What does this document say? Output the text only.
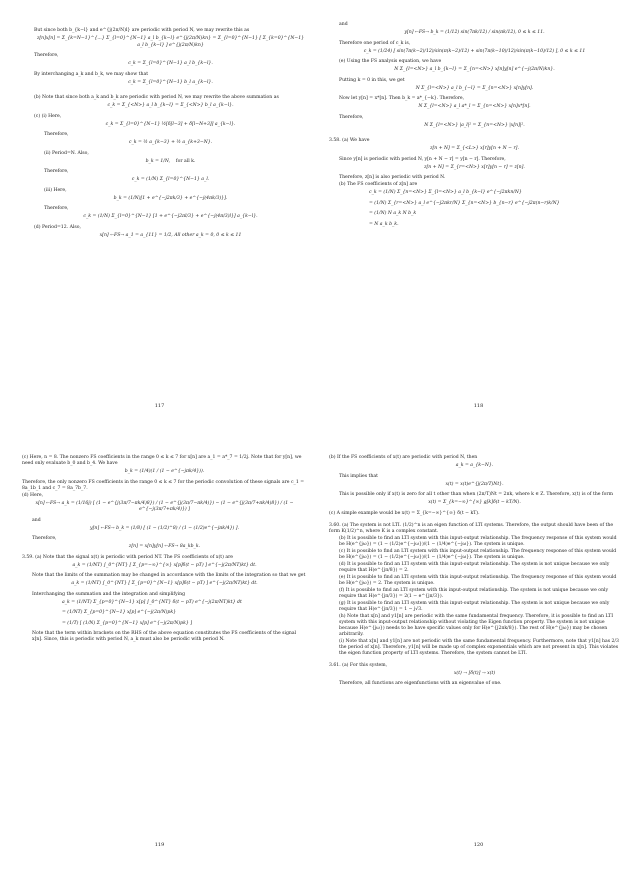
But since both b_{k−l} and e^{j(2π/N)l} are periodic with period N, we may rewrite this as

z[n]x[n] = Σ_{k=N−1}^{...} Σ_{l=0}^{N−1} a_l b_{k−l} e^{j(2π/N)kn} = Σ_{l=0}^{N−1} [ Σ_{k=0}^{N−1} a_l b_{k−l} ] e^{j(2π/N)kn}

Therefore,

c_k = Σ_{l=0}^{N−1} a_l b_{k−l}.

By interchanging a_k and b_k, we may show that

c_k = Σ_{l=0}^{N−1} b_l a_{k−l}.

(b) Note that since both a_k and b_k are periodic with period N, we may rewrite the above summation as

c_k = Σ_{<N>} a_l b_{k−l} = Σ_{<N>} b_l a_{k−l}.

(c) (i) Here,

c_k = Σ_{l=0}^{N−1} ½[δ[l−3] + δ[l−N+3]] a_{k−l}.

Therefore,

c_k = ½ a_{k−3} + ½ a_{k+3−N}.

(ii) Period=N. Also,

b_k = 1/N, for all k.

Therefore,

c_k = (1/N) Σ_{l=0}^{N−1} a_l.

(iii) Here,

b_k = (1/N)[1 + e^{−j2πk/3} + e^{−j(4πk/3)}].

Therefore,

c_k = (1/N) Σ_{l=0}^{N−1} [1 + e^{−j2πl/3} + e^{−j(4π/3)l}] a_{k−l}.

(d) Period=12. Also,

x[n] ←FS→ a_1 = a_{11} = 1/2, All other a_k = 0, 0 ≤ k ≤ 11
117

and

y[n] ←FS→ b_k = (1/12) sin(7πk/12) / sin(πk/12), 0 ≤ k ≤ 11.

Therefore one period of c_k is,

c_k = (1/24) [ sin(7π(k−2)/12)/sin(π(k−2)/12) + sin(7π(k−10)/12)/sin(π(k−10)/12) ], 0 ≤ k ≤ 11

(e) Using the FS analysis equation, we have

N Σ_{l=<N>} a_l b_{k−l} = Σ_{n=<N>} x[n]y[n] e^{−j(2π/N)kn}.

Putting k = 0 in this, we get

N Σ_{l=<N>} a_l b_{−l} = Σ_{n=<N>} x[n]y[n].

Now let y[n] = x*[n]. Then b_k = a*_{−k}. Therefore,

N Σ_{l=<N>} a_l a*_l = Σ_{n=<N>} x[n]x*[n].

Therefore,

N Σ_{l=<N>} |a_l|² = Σ_{n=<N>} |x[n]|².

3.58. (a) We have

z[n + N] = Σ_{<L>} x[r]y[n + N − r].

Since y[n] is periodic with period N, y[n + N − r] = y[n − r]. Therefore,

z[n + N] = Σ_{r=<N>} x[r]y[n − r] = z[n].

Therefore, z[n] is also periodic with period N.

(b) The FS coefficients of z[n] are

c_k = (1/N) Σ_{n=<N>} Σ_{l=<N>} a_l b_{k−l} e^{−j2πkn/N}
= (1/N) Σ_{r=<N>} a_l e^{−j2πkr/N} Σ_{n=<N>} b_{n−r} e^{−j2π(n−r)k/N}
= (1/N) N a_k N b_k
= N a_k b_k.
118

(c) Here, n = 8. The nonzero FS coefficients in the range 0 ≤ k ≤ 7 for x[n] are a_1 = a*_7 = 1/2j. Note that for y[n], we need only evaluate b_0 and b_4. We have

b_k = (1/4)(1 / (1 − e^{−jπk/4})).

Therefore, the only nonzero FS coefficients in the range 0 ≤ k ≤ 7 for the periodic convolution of these signals are c_1 = 8a_1b_1 and c_7 = 8a_7b_7.

(d) Here,

x[n] ←FS→ a_k = (1/16j) [ (1 − e^{j(3π/7−πk/4)8}) / (1 − e^{j(3π/7−πk/4)}) − (1 − e^{j(3π/7+πk/4)8}) / (1 − e^{−j(3π/7+πk/4)}) ]

and

y[n] ←FS→ b_k = (1/8) [ (1 − (1/2)^8) / (1 − (1/2)e^{−jπk/4}) ].

Therefore,

z[n] = x[n]y[n] ←FS→ 8a_kb_k.

3.59. (a) Note that the signal x(t) is periodic with period NT. The FS coefficients of x(t) are

a_k = (1/NT) ∫_0^{NT} [ Σ_{p=−∞}^{∞} x[p]δ(t − pT) ] e^{−j(2π/NT)kt} dt.

Note that the limits of the summation may be changed in accordance with the limits of the integration so that we get

a_k = (1/NT) ∫_0^{NT} [ Σ_{p=0}^{N−1} x[p]δ(t − pT) ] e^{−j(2π/NT)kt} dt.

Interchanging the summation and the integration and simplifying

a_k = (1/NT) Σ_{p=0}^{N−1} x[p] ∫_0^{NT} δ(t − pT) e^{−j(2π/NT)kt} dt
= (1/NT) Σ_{p=0}^{N−1} x[p] e^{−j(2π/N)pk}
= (1/T) [ (1/N) Σ_{p=0}^{N−1} x[p] e^{−j(2π/N)pk} ]

Note that the term within brackets on the RHS of the above equation constitutes the FS coefficients of the signal x[n]. Since, this is periodic with period N, a_k must also be periodic with period N.

119

(b) If the FS coefficients of x(t) are periodic with period N, then

a_k = a_{k−N}.

This implies that

x(t) = x(t)e^{j(2π/T)Nt}.

This is possible only if x(t) is zero for all t other than when (2π/T)Nt = 2πk, where k ∈ Z. Therefore, x(t) is of the form

x(t) = Σ_{k=−∞}^{∞} g[k]δ(t − kT/N).

(c) A simple example would be x(t) = Σ_{k=−∞}^{∞} δ(t − kT).

3.60. (a) The system is not LTI. (1/2)^n is an eigen function of LTI systems. Therefore, the output should have been of the form K(1/2)^n, where K is a complex constant.

(b) It is possible to find an LTI system with this input-output relationship. The frequency response of this system would be H(e^{jω}) = (1 − (1/2)e^{−jω})/(1 − (1/4)e^{−jω}). The system is unique.

(c) It is possible to find an LTI system with this input-output relationship. The frequency response of this system would be H(e^{jω}) = (1 − (1/2)e^{−jω})/(1 − (1/4)e^{−jω}). The system is unique.

(d) It is possible to find an LTI system with this input-output relationship. The system is not unique because we only require that H(e^{jπ/8}) = 2.

(e) It is possible to find an LTI system with this input-output relationship. The frequency response of this system would be H(e^{jω}) = 2. The system is unique.

(f) It is possible to find an LTI system with this input-output relationship. The system is not unique because we only require that H(e^{jπ/3}) = 2(1 − e^{jπ/3}).

(g) It is possible to find an LTI system with this input-output relationship. The system is not unique because we only require that H(e^{jπ/3}) = 1 − j√3.

(h) Note that x[n] and y1[n] are periodic with the same fundamental frequency. Therefore, it is possible to find an LTI system with this input-output relationship without violating the Eigen function property. The system is not unique because H(e^{jω}) needs to be have specific values only for H(e^{j2πk/8}). The rest of H(e^{jω}) may be chosen arbitrarily.

(i) Note that x[n] and y1[n] are not periodic with the same fundamental frequency. Furthermore, note that y1[n] has 2/3 the period of x[n]. Therefore, y1[n] will be made up of complex exponentials which are not present in x[n]. This violates the eigen function property of LTI systems. Therefore, the system cannot be LTI.

3.61. (a) For this system,

x(t) → [δ(t)] → x(t)

Therefore, all functions are eigenfunctions with an eigenvalue of one.

120
